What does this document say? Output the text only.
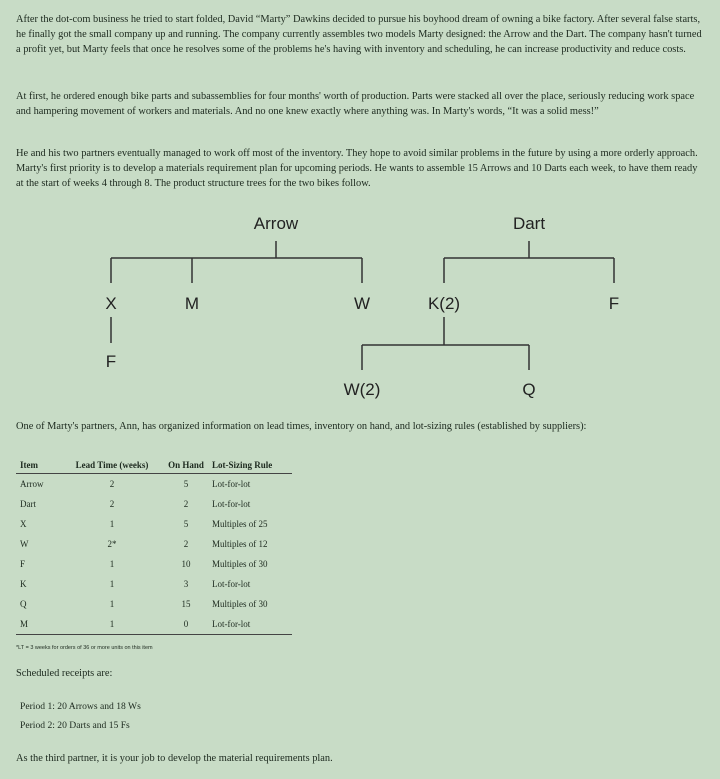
After the dot-com business he tried to start folded, David “Marty” Dawkins decided to pursue his boyhood dream of owning a bike factory. After several false starts, he finally got the small company up and running. The company currently assembles two models Marty designed: the Arrow and the Dart. The company hasn't turned a profit yet, but Marty feels that once he resolves some of the problems he's having with inventory and scheduling, he can increase productivity and reduce costs.

At first, he ordered enough bike parts and subassemblies for four months' worth of production. Parts were stacked all over the place, seriously reducing work space and hampering movement of workers and materials. And no one knew exactly where anything was. In Marty's words, “It was a solid mess!”

He and his two partners eventually managed to work off most of the inventory. They hope to avoid similar problems in the future by using a more orderly approach. Marty's first priority is to develop a materials requirement plan for upcoming periods. He wants to assemble 15 Arrows and 10 Darts each week, to have them ready at the start of weeks 4 through 8. The product structure trees for the two bikes follow.

Arrow
X	M	W
F
Dart
K(2)	F
W(2)	Q

One of Marty's partners, Ann, has organized information on lead times, inventory on hand, and lot-sizing rules (established by suppliers):

Item	Lead Time (weeks)	On Hand	Lot-Sizing Rule
Arrow	2	5	Lot-for-lot
Dart	2	2	Lot-for-lot
X	1	5	Multiples of 25
W	2*	2	Multiples of 12
F	1	10	Multiples of 30
K	1	3	Lot-for-lot
Q	1	15	Multiples of 30
M	1	0	Lot-for-lot
*LT = 3 weeks for orders of 36 or more units on this item
Scheduled receipts are:
Period 1: 20 Arrows and 18 Ws
Period 2: 20 Darts and 15 Fs

As the third partner, it is your job to develop the material requirements plan.
